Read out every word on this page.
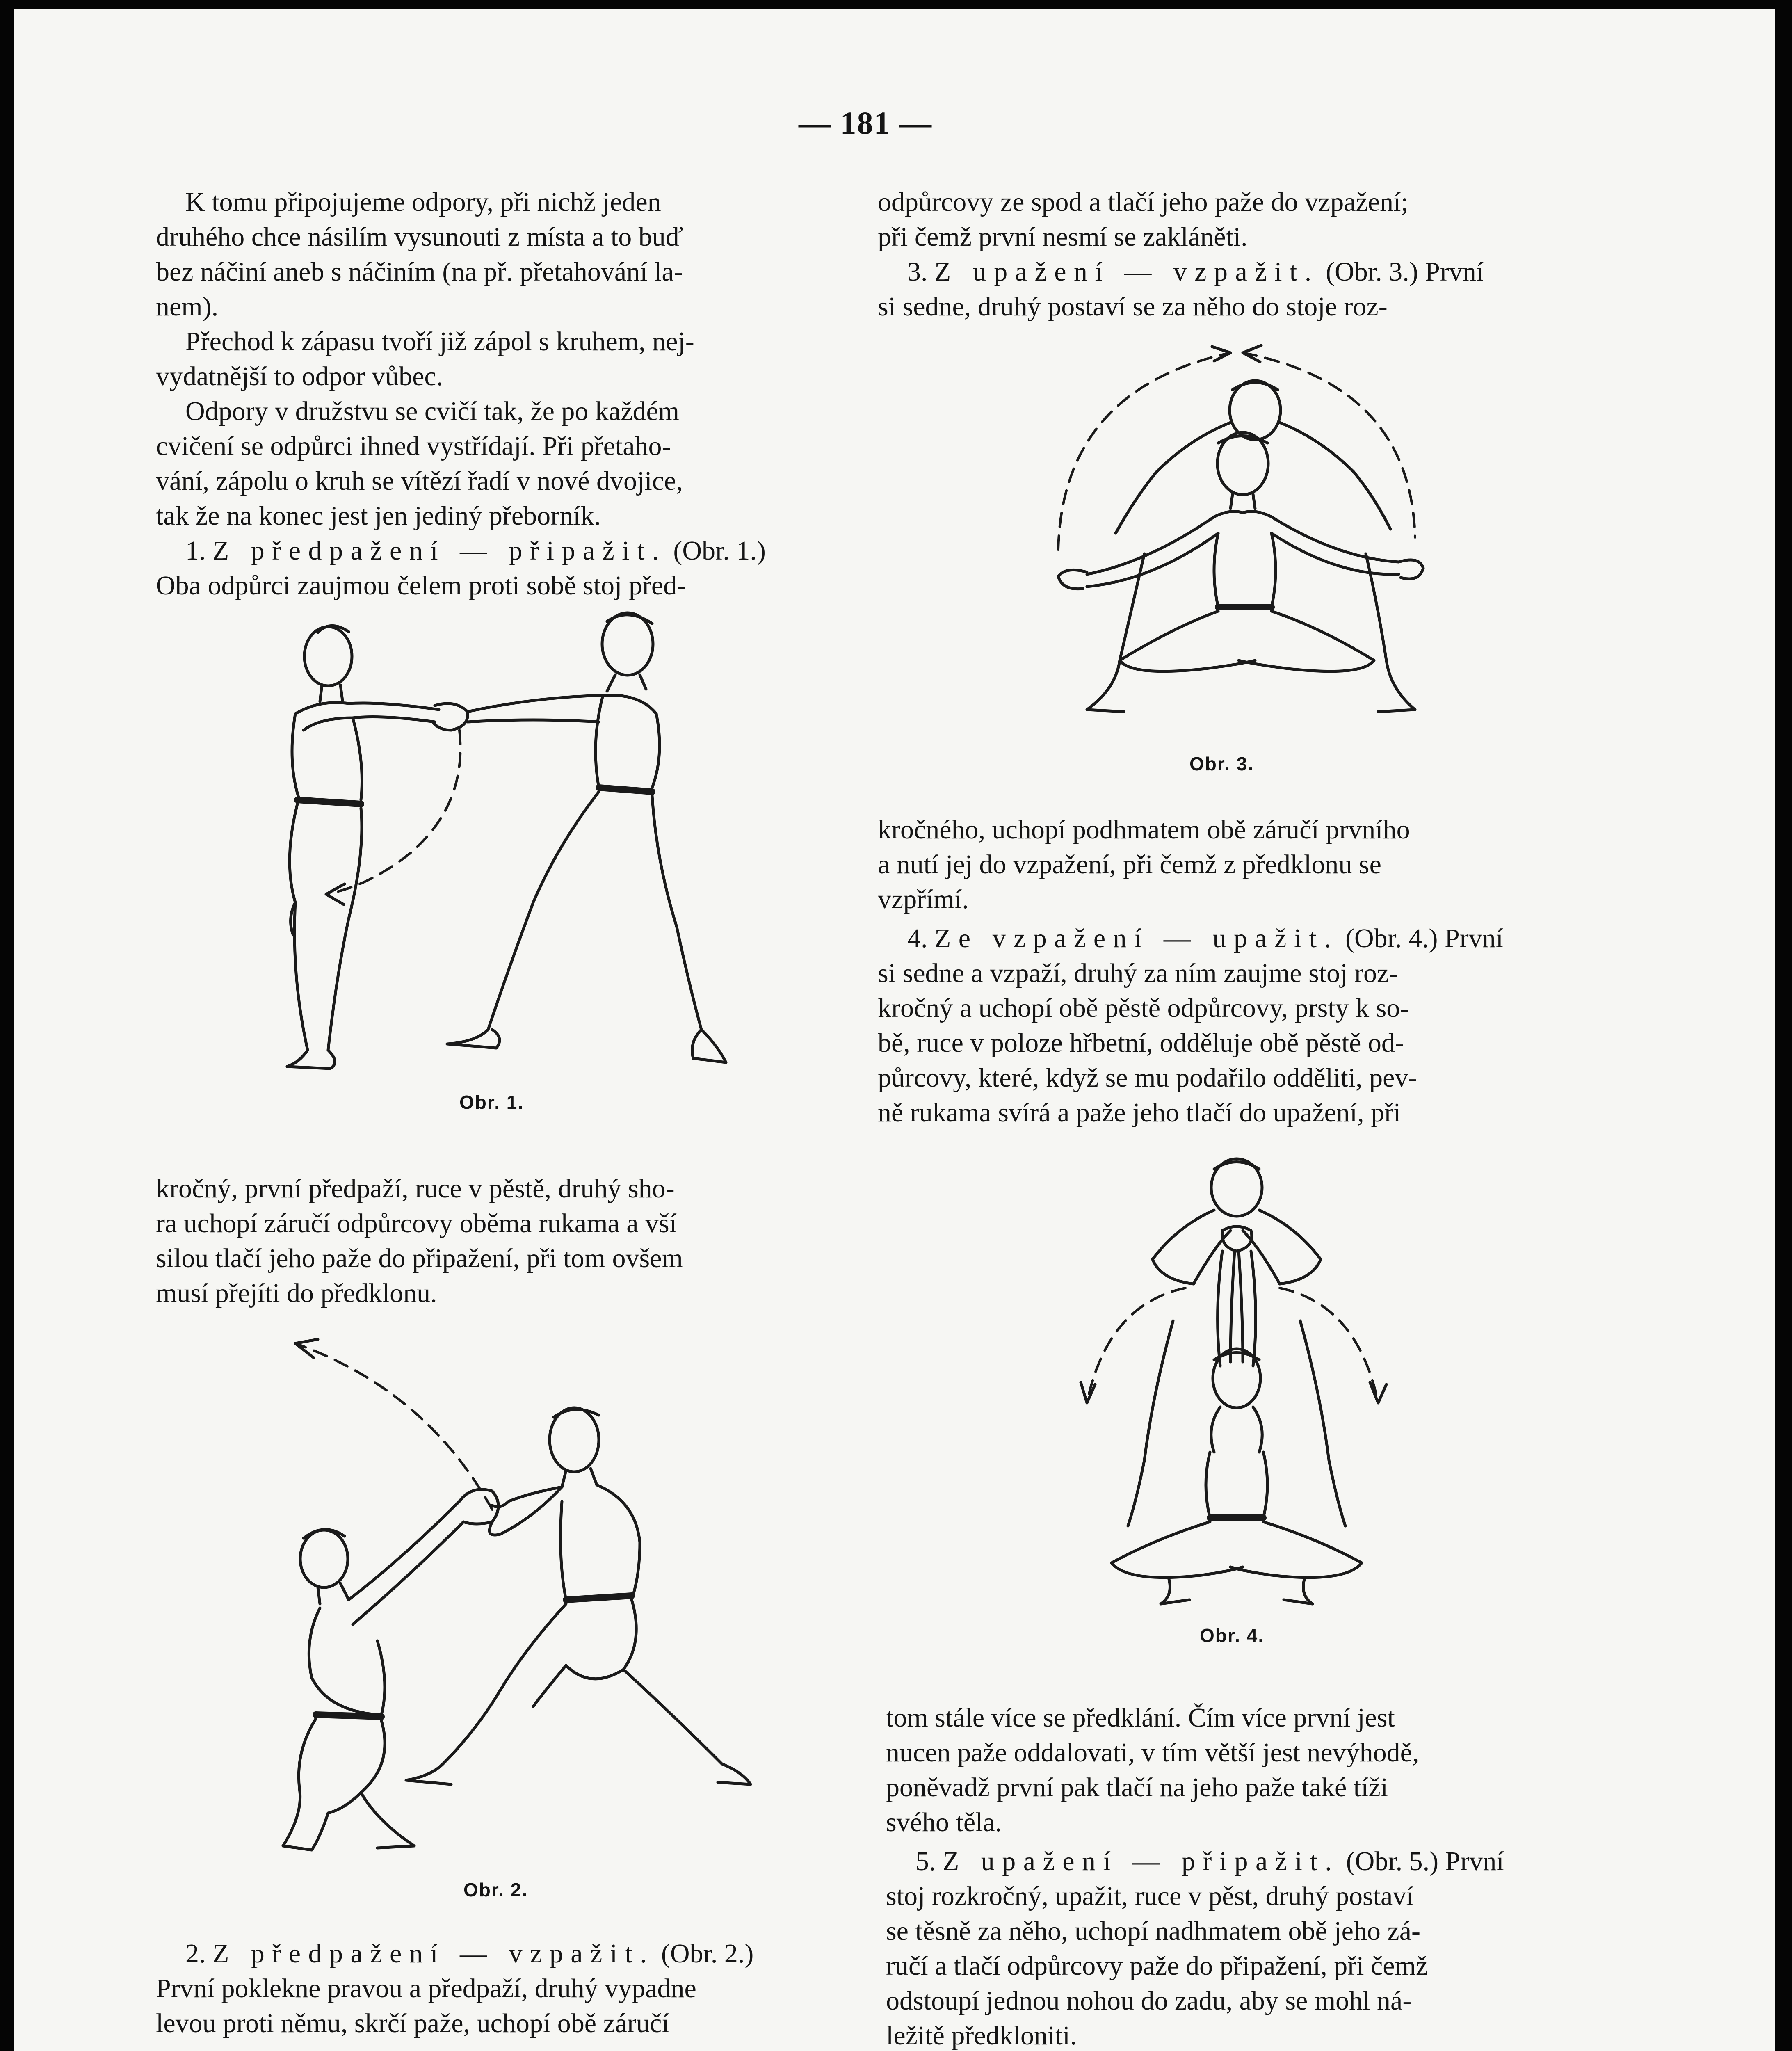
— 181 —
K tomu připojujeme odpory, při nichž jeden
druhého chce násilím vysunouti z místa a to buď
bez náčiní aneb s náčiním (na př. přetahování la-
nem).
Přechod k zápasu tvoří již zápol s kruhem, nej-
vydatnější to odpor vůbec.
Odpory v družstvu se cvičí tak, že po každém
cvičení se odpůrci ihned vystřídají. Při přetaho-
vání, zápolu o kruh se vítězí řadí v nové dvojice,
tak že na konec jest jen jediný přeborník.
1. Z předpažení — připažit. (Obr. 1.)
Oba odpůrci zaujmou čelem proti sobě stoj před-
Obr. 1.
kročný, první předpaží, ruce v pěstě, druhý sho-
ra uchopí záručí odpůrcovy oběma rukama a vší
silou tlačí jeho paže do připažení, při tom ovšem
musí přejíti do předklonu.
Obr. 2.
2. Z předpažení — vzpažit. (Obr. 2.)
První poklekne pravou a předpaží, druhý vypadne
levou proti němu, skrčí paže, uchopí obě záručí
odpůrcovy ze spod a tlačí jeho paže do vzpažení;
při čemž první nesmí se zakláněti.
3. Z upažení — vzpažit. (Obr. 3.) První
si sedne, druhý postaví se za něho do stoje roz-
Obr. 3.
kročného, uchopí podhmatem obě záručí prvního
a nutí jej do vzpažení, při čemž z předklonu se
vzpřímí.
4. Ze vzpažení — upažit. (Obr. 4.) První
si sedne a vzpaží, druhý za ním zaujme stoj roz-
kročný a uchopí obě pěstě odpůrcovy, prsty k so-
bě, ruce v poloze hřbetní, odděluje obě pěstě od-
půrcovy, které, když se mu podařilo odděliti, pev-
ně rukama svírá a paže jeho tlačí do upažení, při
Obr. 4.
tom stále více se předklání. Čím více první jest
nucen paže oddalovati, v tím větší jest nevýhodě,
poněvadž první pak tlačí na jeho paže také tíži
svého těla.
5. Z upažení — připažit. (Obr. 5.) První
stoj rozkročný, upažit, ruce v pěst, druhý postaví
se těsně za něho, uchopí nadhmatem obě jeho zá-
ručí a tlačí odpůrcovy paže do připažení, při čemž
odstoupí jednou nohou do zadu, aby se mohl ná-
ležitě předkloniti.
